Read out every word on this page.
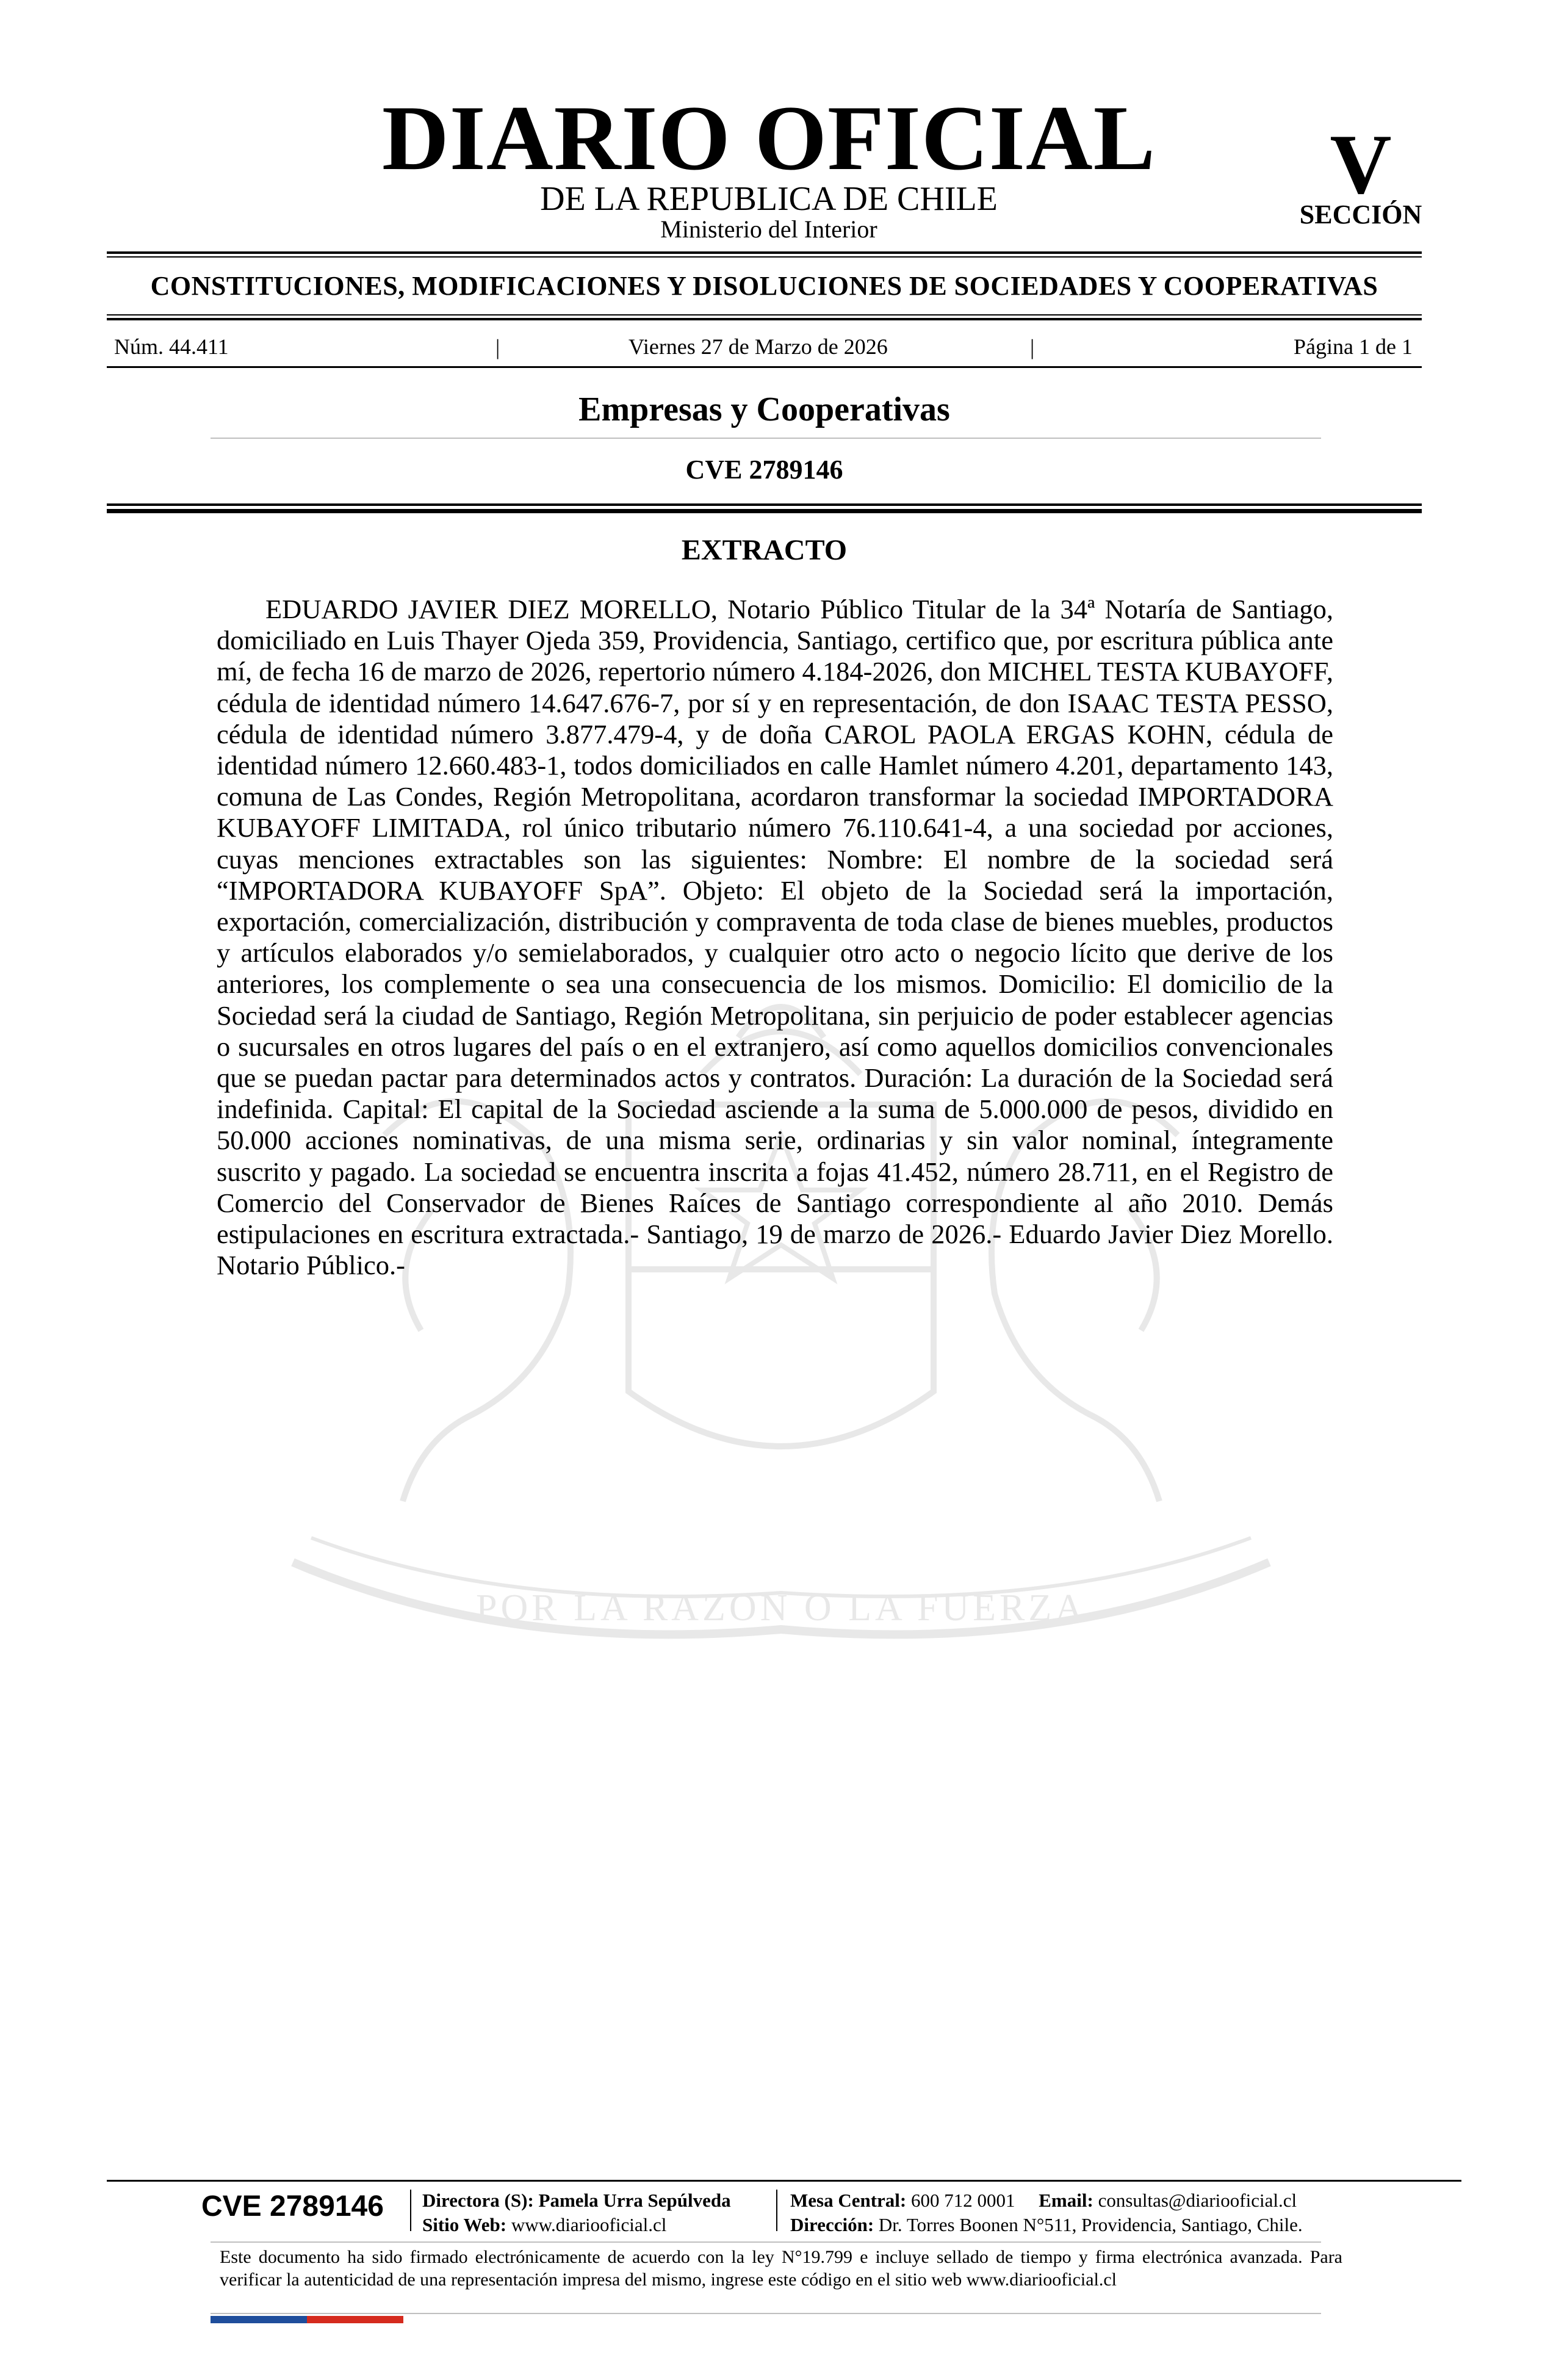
POR LA RAZON O LA FUERZA
DIARIO OFICIAL
DE LA REPUBLICA DE CHILE
Ministerio del Interior
V
SECCIÓN
CONSTITUCIONES, MODIFICACIONES Y DISOLUCIONES DE SOCIEDADES Y COOPERATIVAS
Núm. 44.411	|	Viernes 27 de Marzo de 2026	|	Página 1 de 1
Empresas y Cooperativas
CVE 2789146
EXTRACTO

EDUARDO JAVIER DIEZ MORELLO, Notario Público Titular de la 34ª Notaría de Santiago, domiciliado en Luis Thayer Ojeda 359, Providencia, Santiago, certifico que, por escritura pública ante mí, de fecha 16 de marzo de 2026, repertorio número 4.184-2026, don MICHEL TESTA KUBAYOFF, cédula de identidad número 14.647.676-7, por sí y en representación, de don ISAAC TESTA PESSO, cédula de identidad número 3.877.479-4, y de doña CAROL PAOLA ERGAS KOHN, cédula de identidad número 12.660.483-1, todos domiciliados en calle Hamlet número 4.201, departamento 143, comuna de Las Condes, Región Metropolitana, acordaron transformar la sociedad IMPORTADORA KUBAYOFF LIMITADA, rol único tributario número 76.110.641-4, a una sociedad por acciones, cuyas menciones extractables son las siguientes: Nombre: El nombre de la sociedad será “IMPORTADORA KUBAYOFF SpA”. Objeto: El objeto de la Sociedad será la importación, exportación, comercialización, distribución y compraventa de toda clase de bienes muebles, productos y artículos elaborados y/o semielaborados, y cualquier otro acto o negocio lícito que derive de los anteriores, los complemente o sea una consecuencia de los mismos. Domicilio: El domicilio de la Sociedad será la ciudad de Santiago, Región Metropolitana, sin perjuicio de poder establecer agencias o sucursales en otros lugares del país o en el extranjero, así como aquellos domicilios convencionales que se puedan pactar para determinados actos y contratos. Duración: La duración de la Sociedad será indefinida. Capital: El capital de la Sociedad asciende a la suma de 5.000.000 de pesos, dividido en 50.000 acciones nominativas, de una misma serie, ordinarias y sin valor nominal, íntegramente suscrito y pagado. La sociedad se encuentra inscrita a fojas 41.452, número 28.711, en el Registro de Comercio del Conservador de Bienes Raíces de Santiago correspondiente al año 2010. Demás estipulaciones en escritura extractada.- Santiago, 19 de marzo de 2026.- Eduardo Javier Diez Morello. Notario Público.-

CVE 2789146	Directora (S): Pamela Urra Sepúlveda
Sitio Web: www.diariooficial.cl
Mesa Central: 600 712 0001 Email: consultas@diariooficial.cl
Dirección: Dr. Torres Boonen N°511, Providencia, Santiago, Chile.

Este documento ha sido firmado electrónicamente de acuerdo con la ley N°19.799 e incluye sellado de tiempo y firma electrónica avanzada. Para verificar la autenticidad de una representación impresa del mismo, ingrese este código en el sitio web www.diariooficial.cl
